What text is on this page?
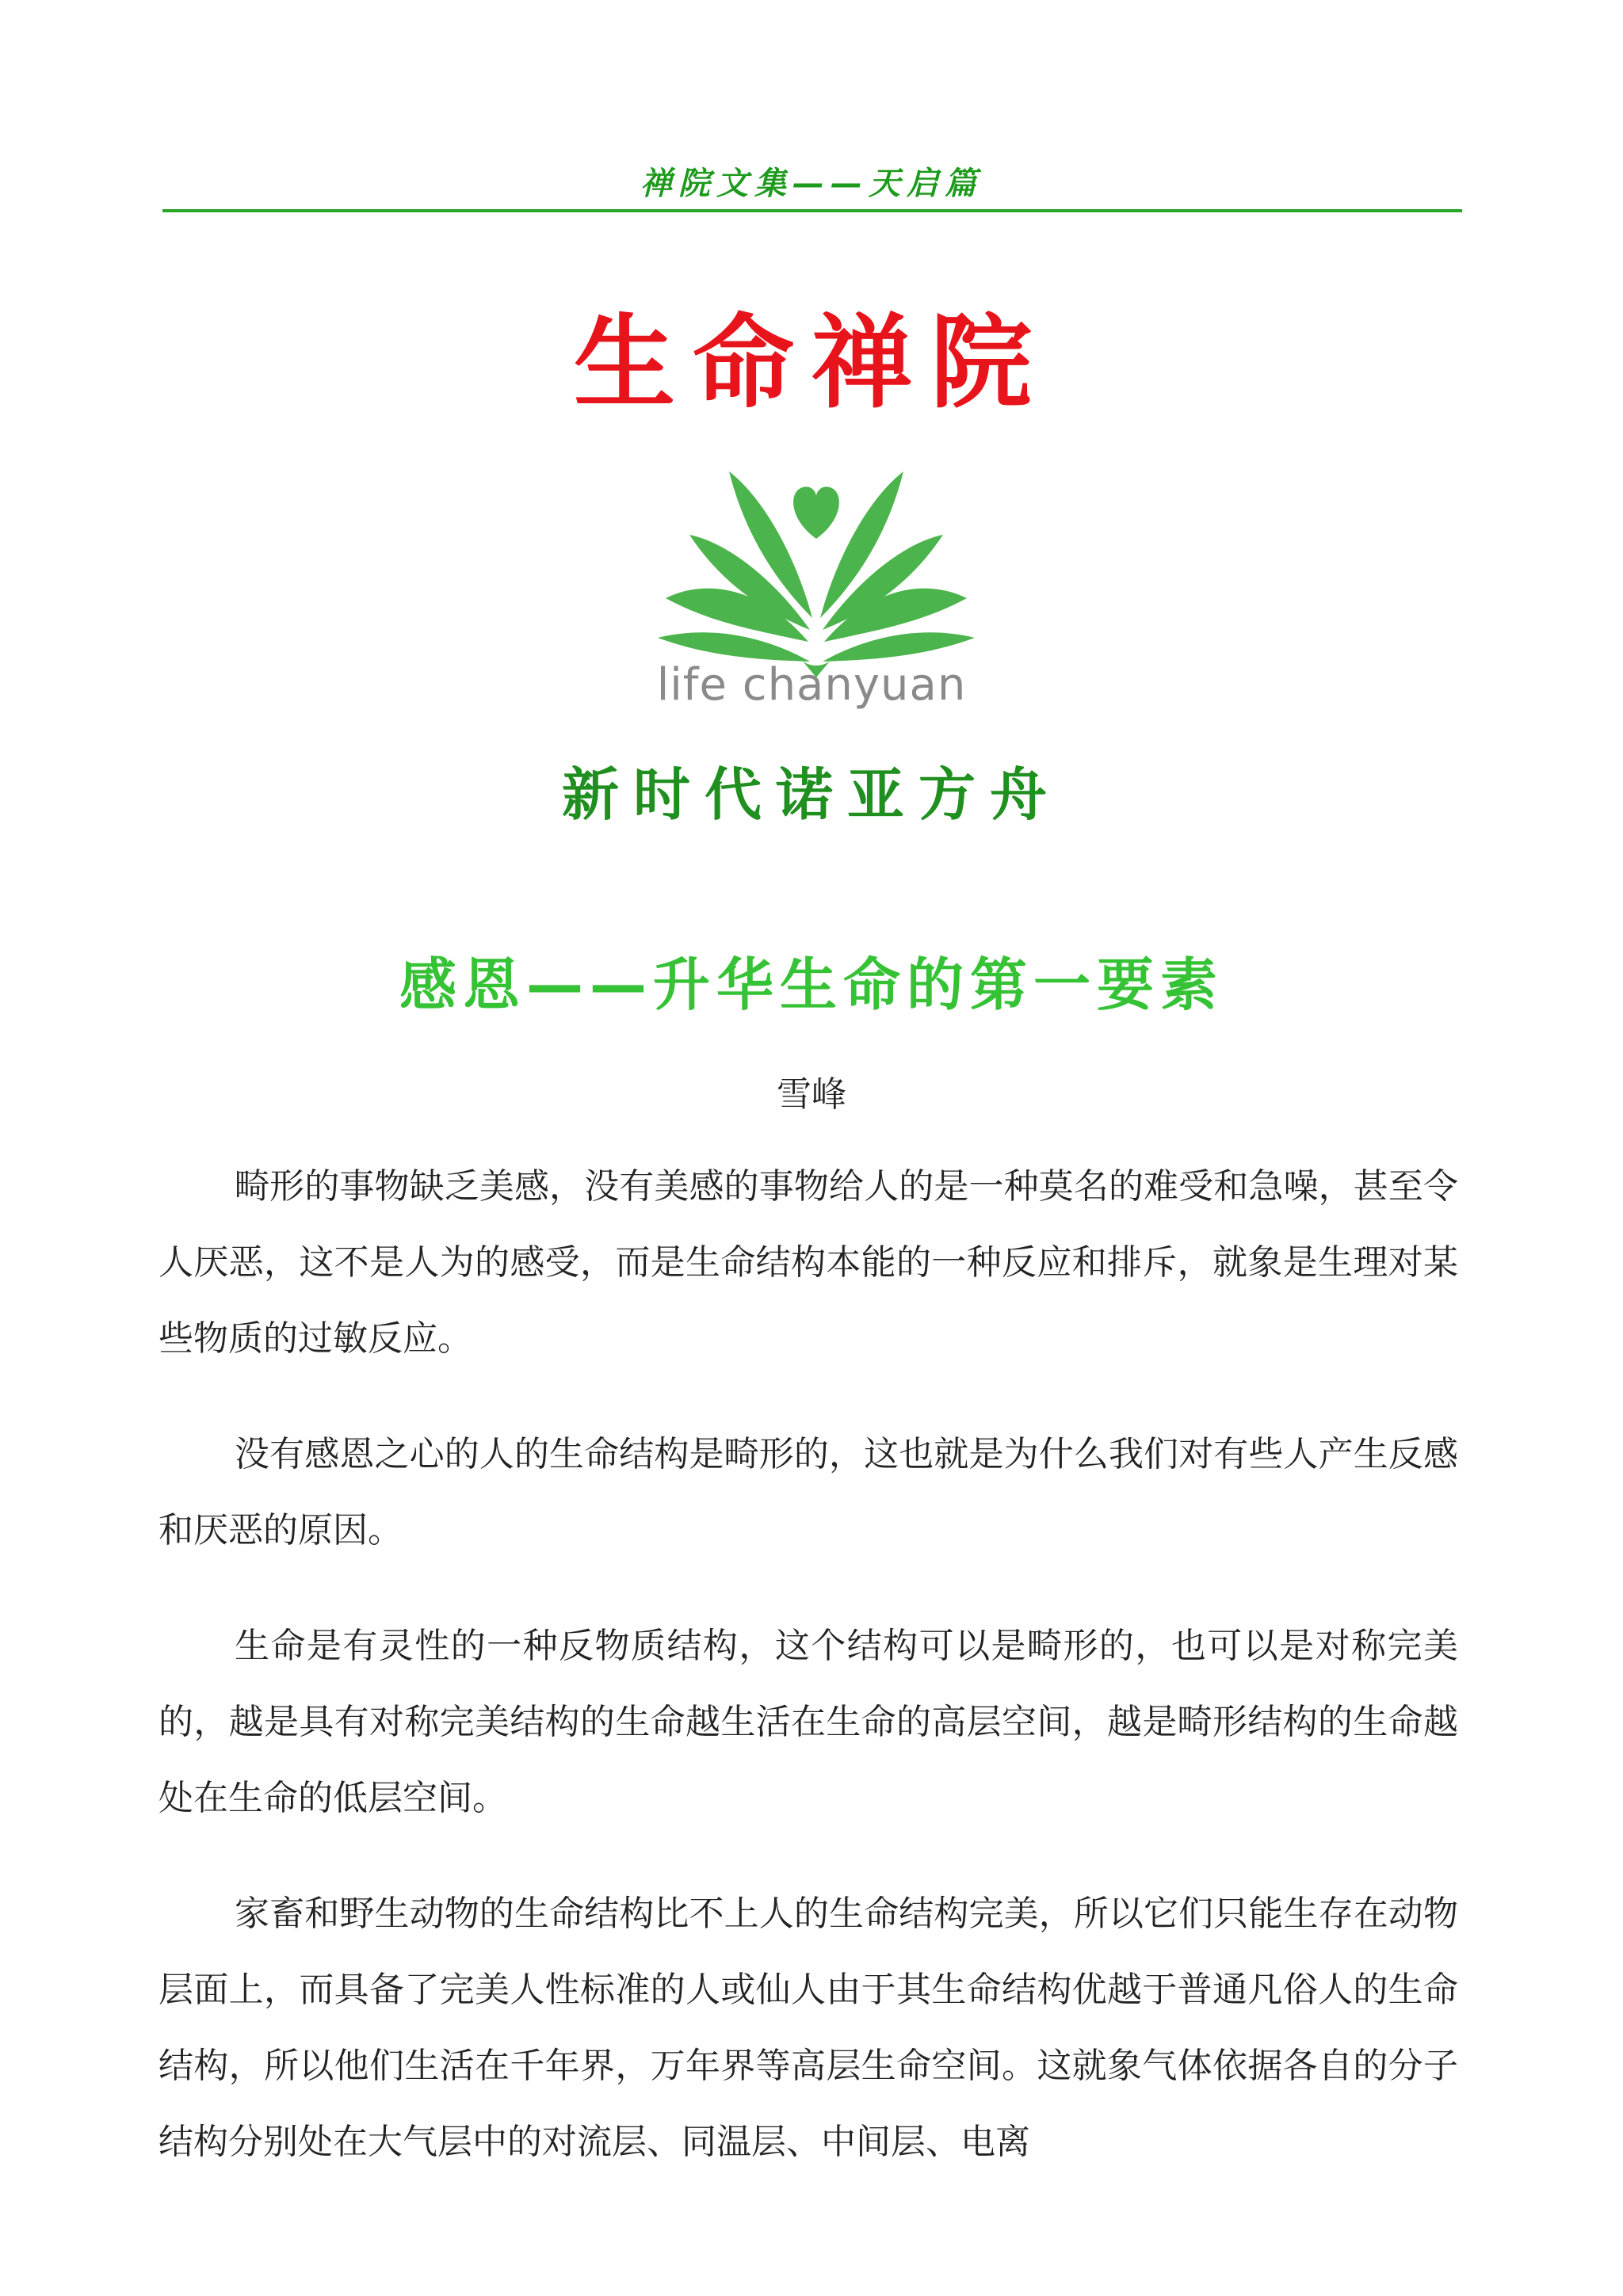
禅院文集——天启篇
生命禅院
life chanyuan
新时代诺亚方舟
感恩——升华生命的第一要素
雪峰

畸形的事物缺乏美感，没有美感的事物给人的是一种莫名的难受和急噪，甚至令人厌恶，这不是人为的感受，而是生命结构本能的一种反应和排斥，就象是生理对某些物质的过敏反应。

没有感恩之心的人的生命结构是畸形的，这也就是为什么我们对有些人产生反感和厌恶的原因。

生命是有灵性的一种反物质结构，这个结构可以是畸形的，也可以是对称完美的，越是具有对称完美结构的生命越生活在生命的高层空间，越是畸形结构的生命越处在生命的低层空间。

家畜和野生动物的生命结构比不上人的生命结构完美，所以它们只能生存在动物层面上，而具备了完美人性标准的人或仙人由于其生命结构优越于普通凡俗人的生命结构，所以他们生活在千年界，万年界等高层生命空间。这就象气体依据各自的分子结构分别处在大气层中的对流层、同温层、中间层、电离
